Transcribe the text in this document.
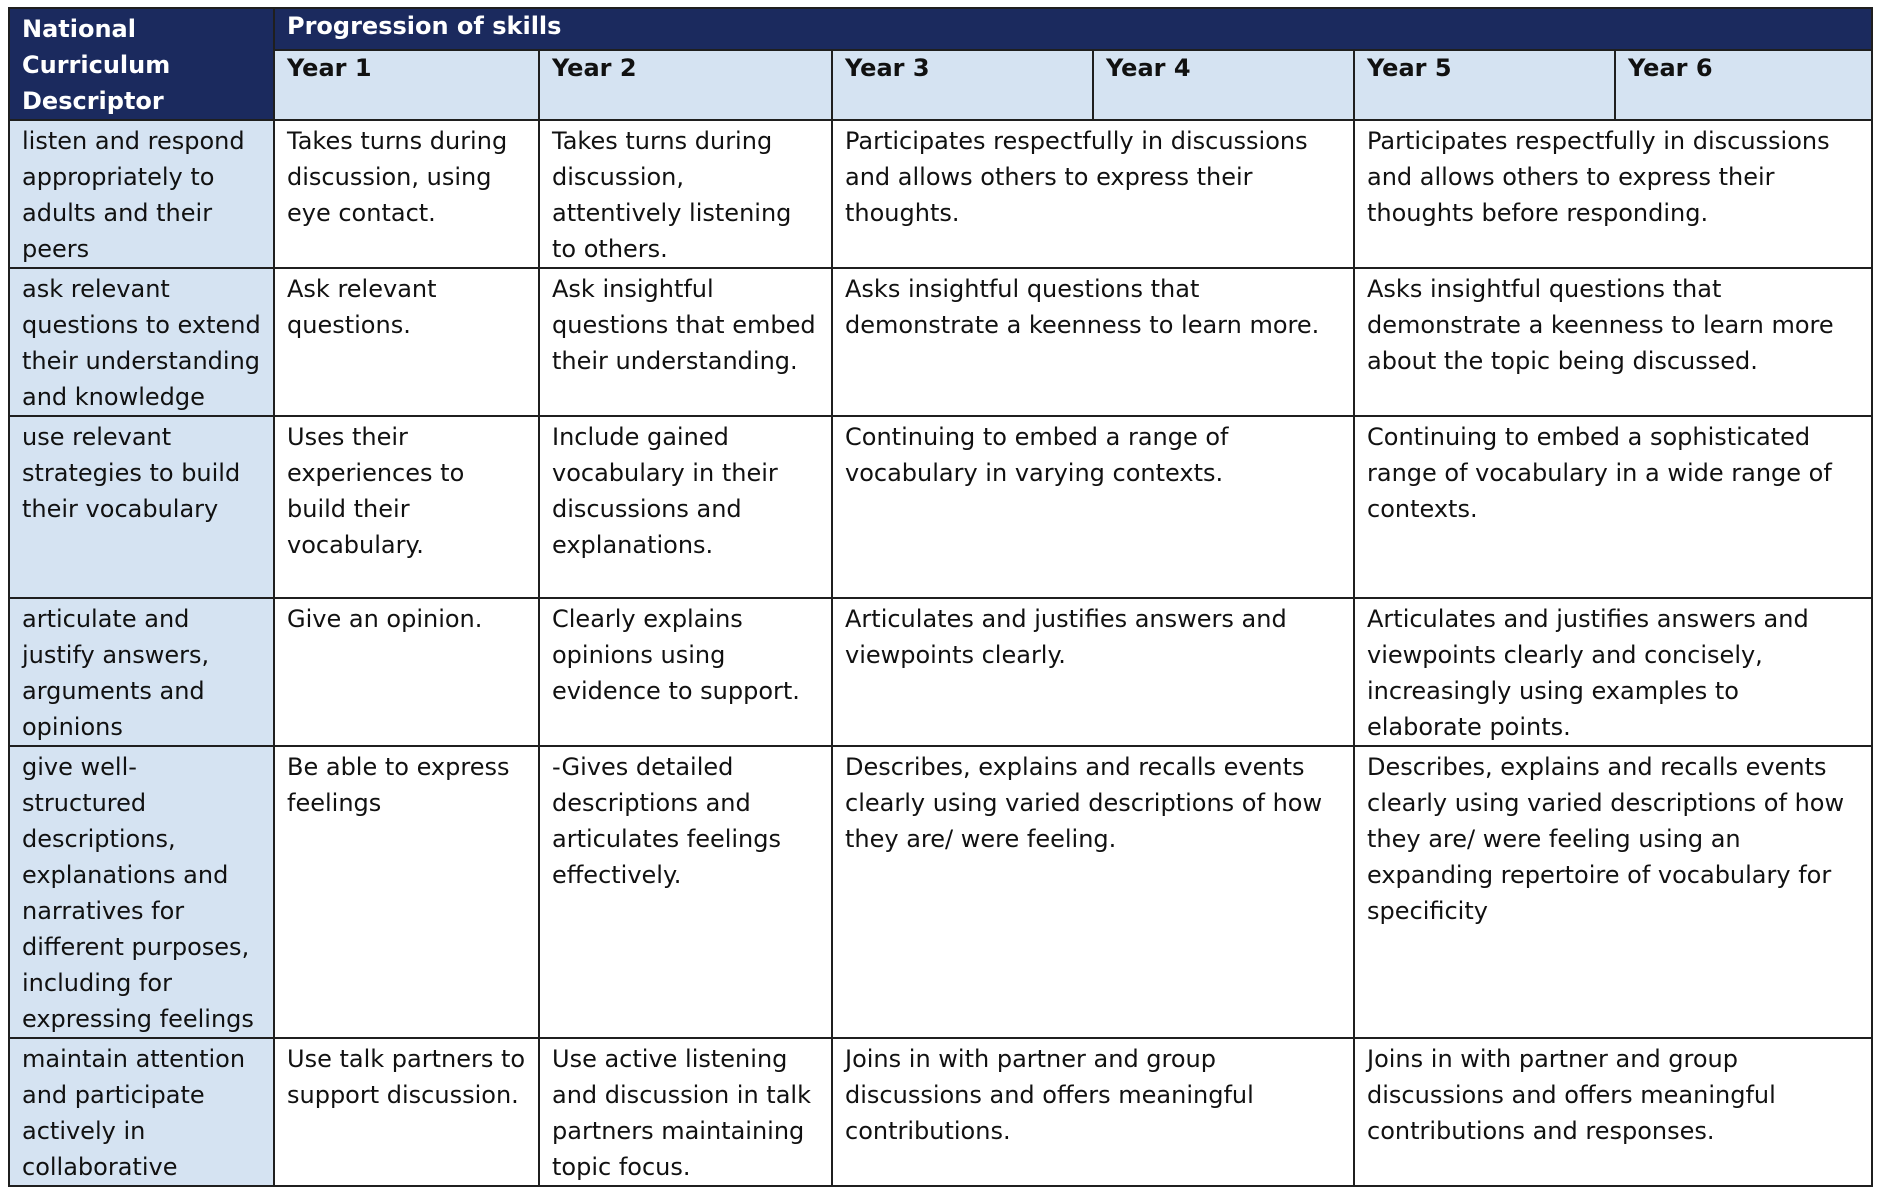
National Curriculum Descriptor	Progression of skills					
	Year 1	Year 2	Year 3	Year 4	Year 5	Year 6
listen and respond appropriately to adults and their peers	Takes turns during discussion, using eye contact.	Takes turns during discussion, attentively listening to others.	Participates respectfully in discussions and allows others to express their thoughts.		Participates respectfully in discussions and allows others to express their thoughts before responding.	
ask relevant questions to extend their understanding and knowledge	Ask relevant questions.	Ask insightful questions that embed their understanding.	Asks insightful questions that demonstrate a keenness to learn more.		Asks insightful questions that demonstrate a keenness to learn more about the topic being discussed.	
use relevant strategies to build their vocabulary	Uses their experiences to build their vocabulary.	Include gained vocabulary in their discussions and explanations.	Continuing to embed a range of vocabulary in varying contexts.		Continuing to embed a sophisticated range of vocabulary in a wide range of contexts.	
articulate and justify answers, arguments and opinions	Give an opinion.	Clearly explains opinions using evidence to support.	Articulates and justifies answers and viewpoints clearly.		Articulates and justifies answers and viewpoints clearly and concisely, increasingly using examples to elaborate points.	
give well-structured descriptions, explanations and narratives for different purposes, including for expressing feelings	Be able to express feelings	-Gives detailed descriptions and articulates feelings effectively.	Describes, explains and recalls events clearly using varied descriptions of how they are/ were feeling.		Describes, explains and recalls events clearly using varied descriptions of how they are/ were feeling using an expanding repertoire of vocabulary for specificity	
maintain attention and participate actively in collaborative	Use talk partners to support discussion.	Use active listening and discussion in talk partners maintaining topic focus.	Joins in with partner and group discussions and offers meaningful contributions.		Joins in with partner and group discussions and offers meaningful contributions and responses.	
